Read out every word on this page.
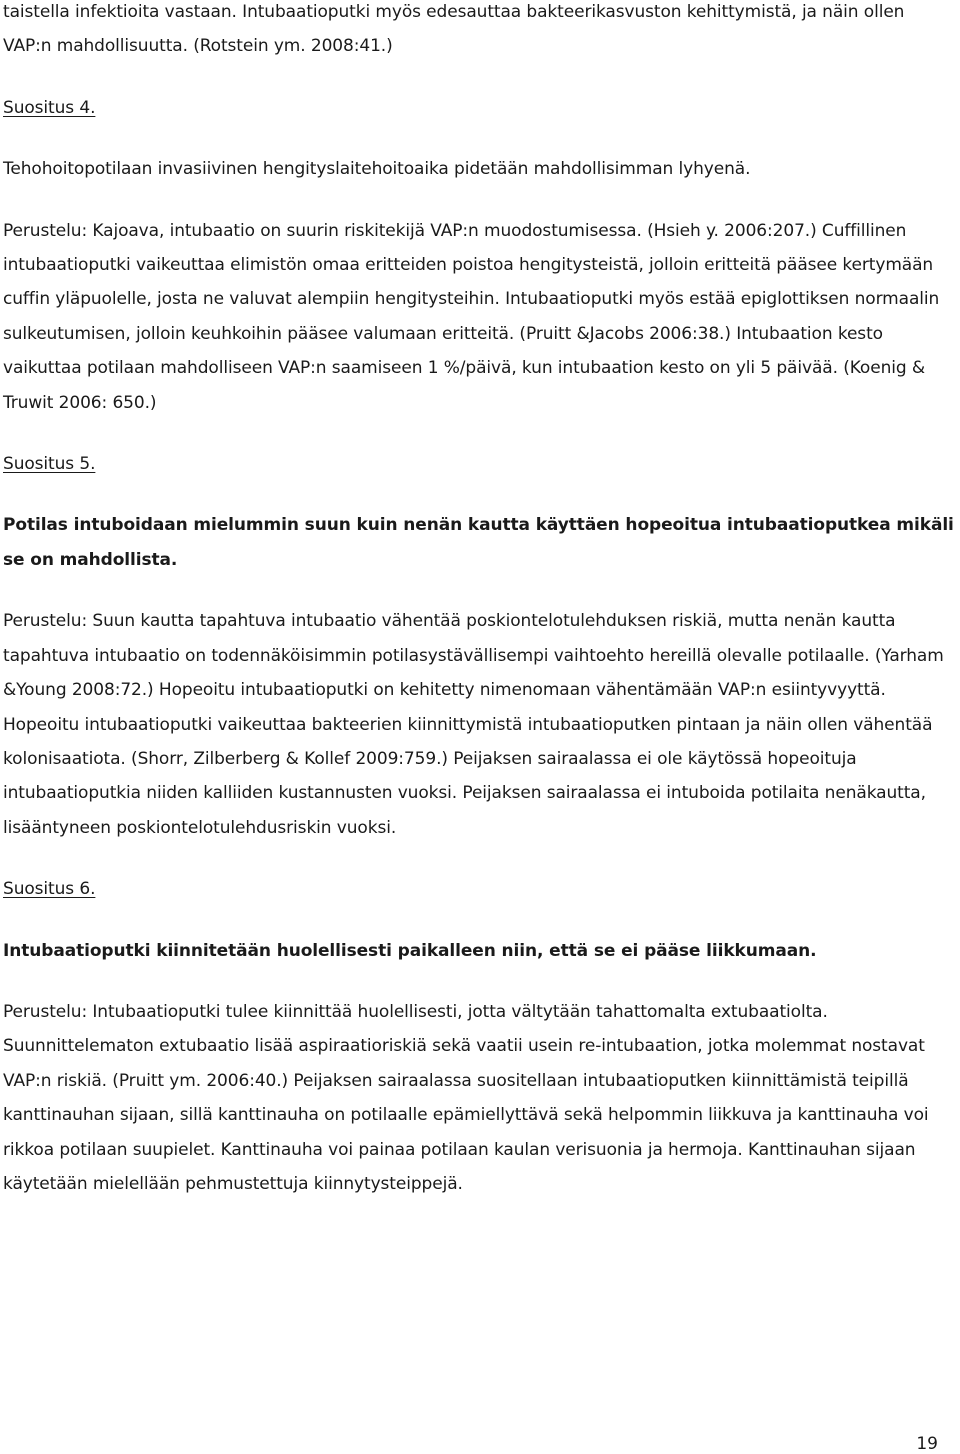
taistella infektioita vastaan. Intubaatioputki myös edesauttaa bakteerikasvuston kehittymistä, ja näin ollen VAP:n mahdollisuutta. (Rotstein ym. 2008:41.)

Suositus 4.

Tehohoitopotilaan invasiivinen hengityslaitehoitoaika pidetään mahdollisimman lyhyenä.

Perustelu: Kajoava, intubaatio on suurin riskitekijä VAP:n muodostumisessa. (Hsieh y. 2006:207.) Cuffillinen intubaatioputki vaikeuttaa elimistön omaa eritteiden poistoa hengitysteistä, jolloin eritteitä pääsee kertymään cuffin yläpuolelle, josta ne valuvat alempiin hengitysteihin. Intubaatioputki myös estää epiglottiksen normaalin sulkeutumisen, jolloin keuhkoihin pääsee valumaan eritteitä. (Pruitt &Jacobs 2006:38.) Intubaation kesto vaikuttaa potilaan mahdolliseen VAP:n saamiseen 1 %/päivä, kun intubaation kesto on yli 5 päivää. (Koenig & Truwit 2006: 650.)

Suositus 5.

Potilas intuboidaan mielummin suun kuin nenän kautta käyttäen hopeoitua intubaatioputkea mikäli se on mahdollista.

Perustelu: Suun kautta tapahtuva intubaatio vähentää poskiontelotulehduksen riskiä, mutta nenän kautta tapahtuva intubaatio on todennäköisimmin potilasystävällisempi vaihtoehto hereillä olevalle potilaalle. (Yarham &Young 2008:72.) Hopeoitu intubaatioputki on kehitetty nimenomaan vähentämään VAP:n esiintyvyyttä. Hopeoitu intubaatioputki vaikeuttaa bakteerien kiinnittymistä intubaatioputken pintaan ja näin ollen vähentää kolonisaatiota. (Shorr, Zilberberg & Kollef 2009:759.) Peijaksen sairaalassa ei ole käytössä hopeoituja intubaatioputkia niiden kalliiden kustannusten vuoksi. Peijaksen sairaalassa ei intuboida potilaita nenäkautta, lisääntyneen poskiontelotulehdusriskin vuoksi.

Suositus 6.

Intubaatioputki kiinnitetään huolellisesti paikalleen niin, että se ei pääse liikkumaan.

Perustelu: Intubaatioputki tulee kiinnittää huolellisesti, jotta vältytään tahattomalta extubaatiolta. Suunnittelematon extubaatio lisää aspiraatioriskiä sekä vaatii usein re-intubaation, jotka molemmat nostavat VAP:n riskiä. (Pruitt ym. 2006:40.) Peijaksen sairaalassa suositellaan intubaatioputken kiinnittämistä teipillä kanttinauhan sijaan, sillä kanttinauha on potilaalle epämiellyttävä sekä helpommin liikkuva ja kanttinauha voi rikkoa potilaan suupielet. Kanttinauha voi painaa potilaan kaulan verisuonia ja hermoja. Kanttinauhan sijaan käytetään mielellään pehmustettuja kiinnytysteippejä.

19
